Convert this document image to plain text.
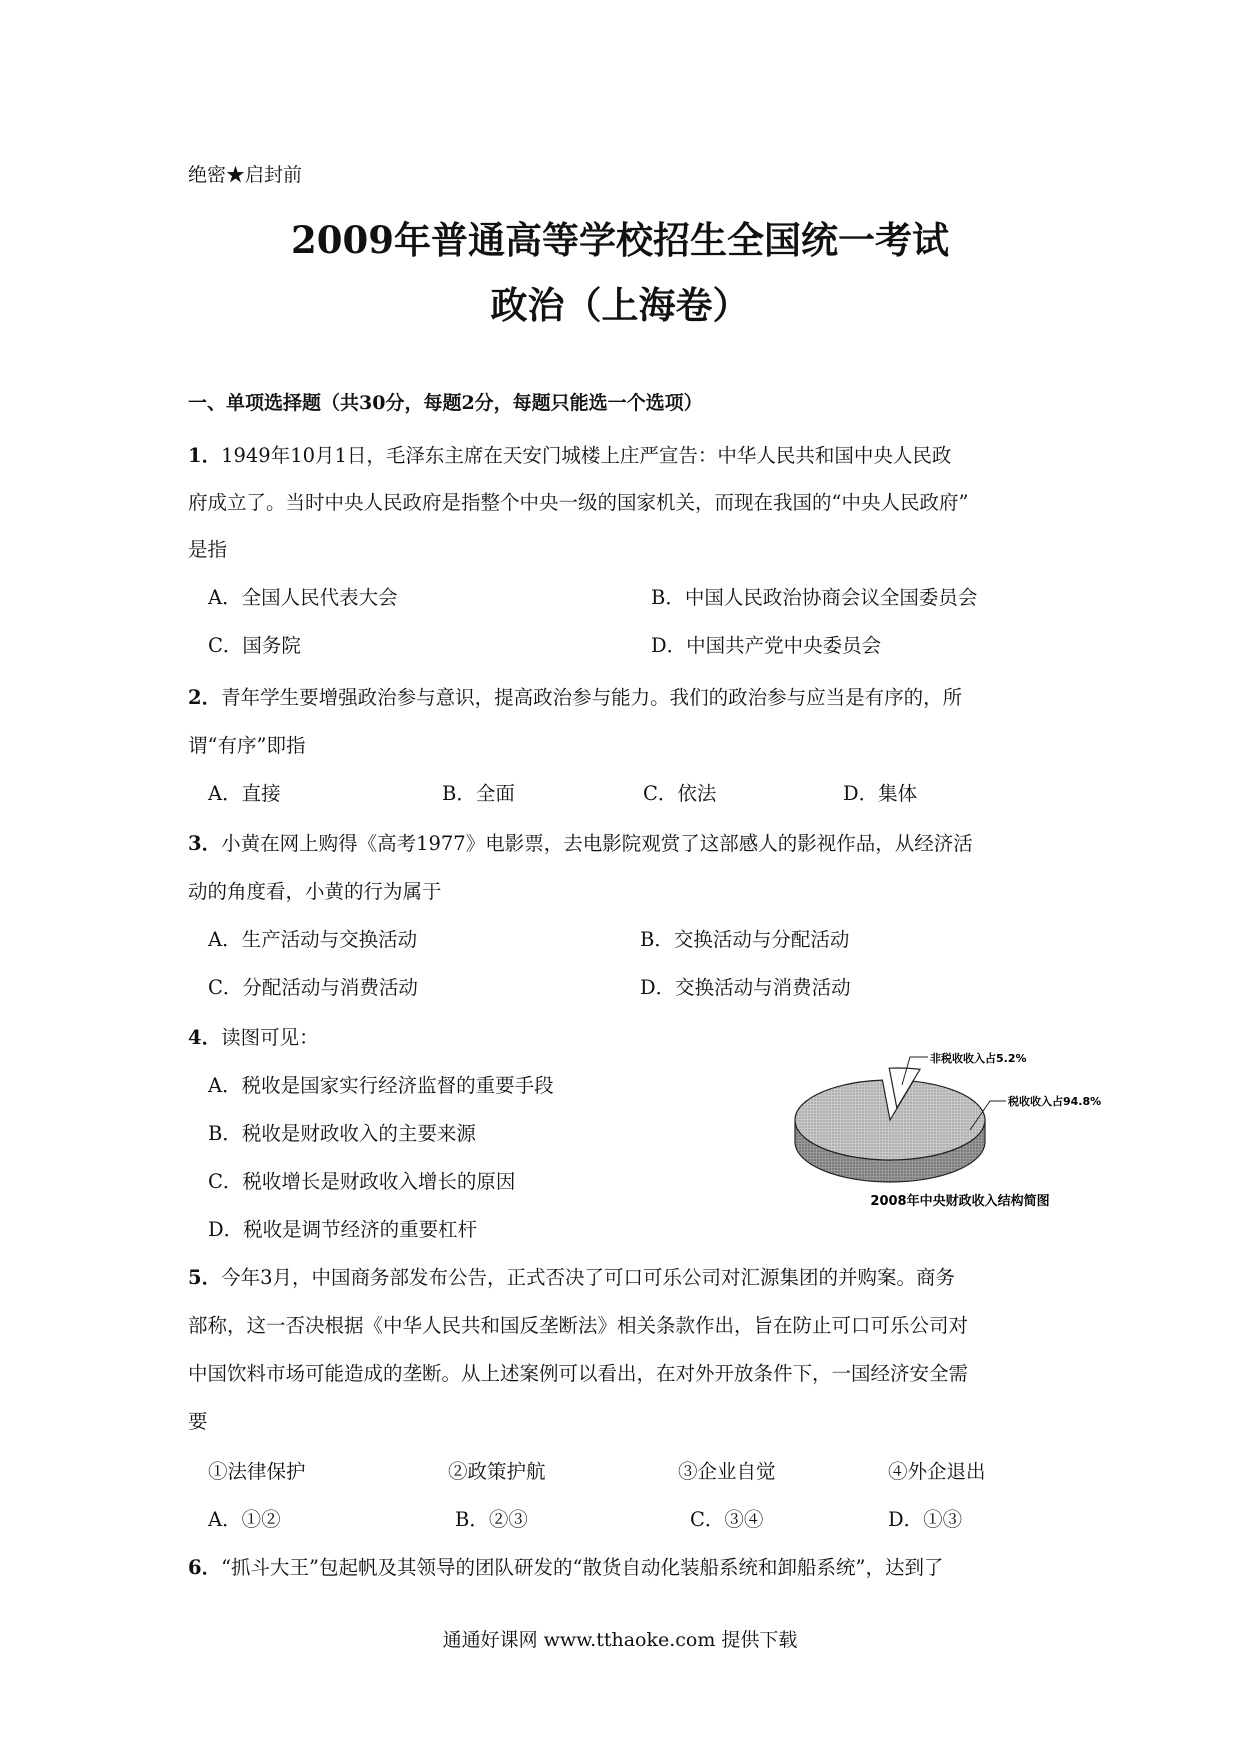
绝密★启封前
2009年普通高等学校招生全国统一考试
政治（上海卷）
一、单项选择题（共30分，每题2分，每题只能选一个选项）
1．1949年10月1日，毛泽东主席在天安门城楼上庄严宣告：中华人民共和国中央人民政
府成立了。当时中央人民政府是指整个中央一级的国家机关，而现在我国的“中央人民政府”
是指
A．全国人民代表大会	B．中国人民政治协商会议全国委员会
C．国务院	D．中国共产党中央委员会
2．青年学生要增强政治参与意识，提高政治参与能力。我们的政治参与应当是有序的，所
谓“有序”即指
A．直接	B．全面	C．依法	D．集体
3．小黄在网上购得《高考1977》电影票，去电影院观赏了这部感人的影视作品，从经济活
动的角度看，小黄的行为属于
A．生产活动与交换活动	B．交换活动与分配活动
C．分配活动与消费活动	D．交换活动与消费活动
4．读图可见：
A．税收是国家实行经济监督的重要手段
B．税收是财政收入的主要来源
C．税收增长是财政收入增长的原因
D．税收是调节经济的重要杠杆
非税收收入占5.2%
税收收入占94.8%
2008年中央财政收入结构简图
5．今年3月，中国商务部发布公告，正式否决了可口可乐公司对汇源集团的并购案。商务
部称，这一否决根据《中华人民共和国反垄断法》相关条款作出，旨在防止可口可乐公司对
中国饮料市场可能造成的垄断。从上述案例可以看出，在对外开放条件下，一国经济安全需
要
①法律保护	②政策护航	③企业自觉	④外企退出
A．①②	B．②③	C．③④	D．①③
6．“抓斗大王”包起帆及其领导的团队研发的“散货自动化装船系统和卸船系统”，达到了
通通好课网 www.tthaoke.com 提供下载
